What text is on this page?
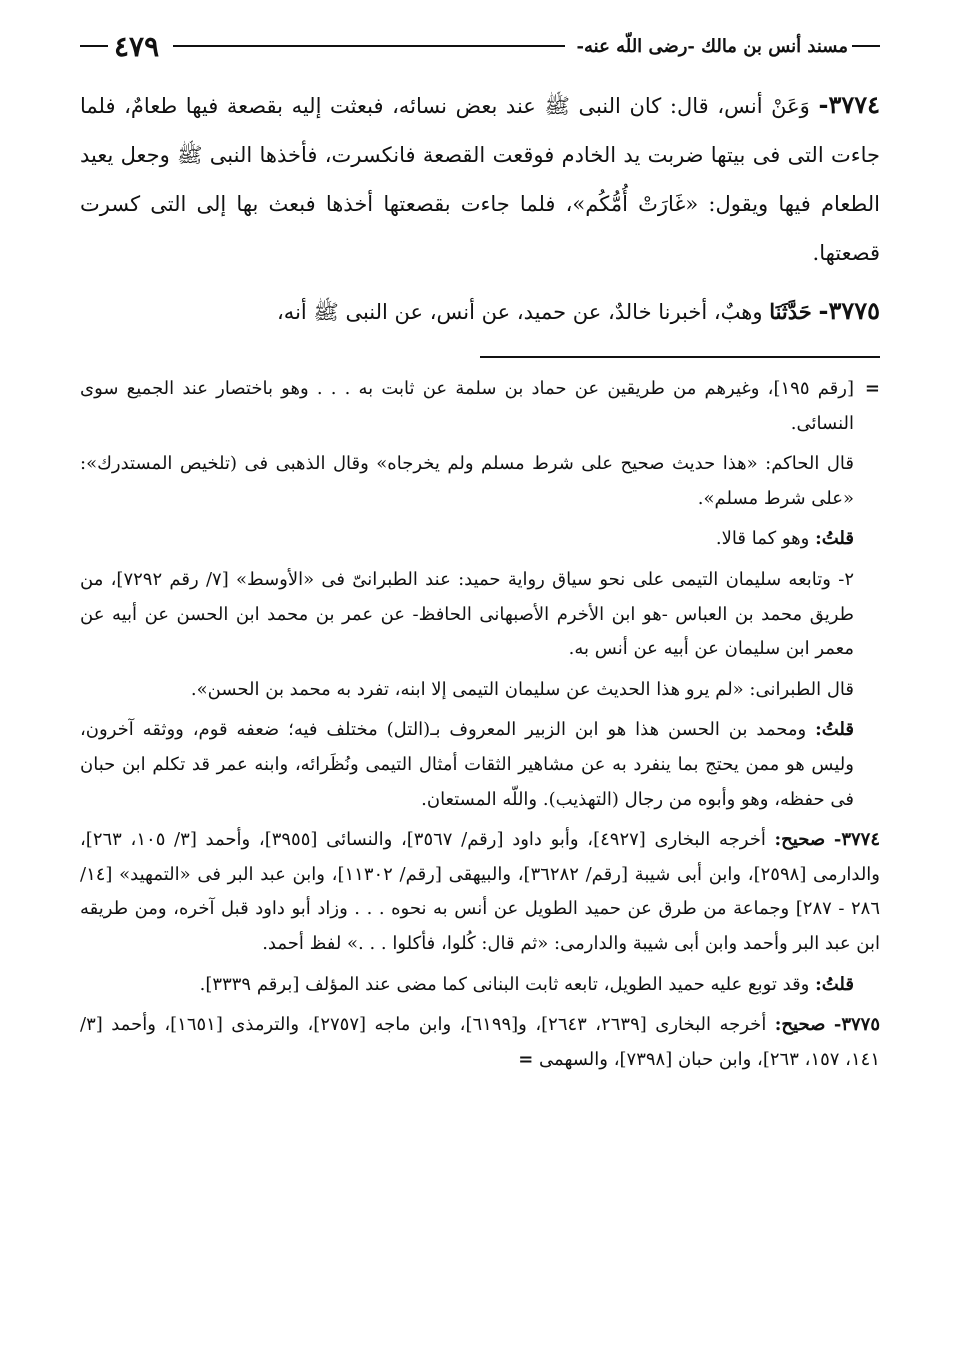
مسند أنس بن مالك -رضى اللّه عنه-
٤٧٩

٣٧٧٤- وَعَنْ أنس، قال: كان النبى ﷺ عند بعض نسائه، فبعثت إليه بقصعة فيها طعامٌ، فلما جاءت التى فى بيتها ضربت يد الخادم فوقعت القصعة فانكسرت، فأخذها النبى ﷺ وجعل يعيد الطعام فيها ويقول: «غَارَتْ أُمُّكُم»، فلما جاءت بقصعتها أخذها فبعث بها إلى التى كسرت قصعتها.

٣٧٧٥- حَدَّثَنَا وهبٌ، أخبرنا خالدٌ، عن حميد، عن أنس، عن النبى ﷺ أنه،

=

[رقم ١٩٥]، وغيرهم من طريقين عن حماد بن سلمة عن ثابت به . . . وهو باختصار عند الجميع سوى النسائى.

قال الحاكم: «هذا حديث صحيح على شرط مسلم ولم يخرجاه» وقال الذهبى فى (تلخيص المستدرك»: «على شرط مسلم».

قلتُ: وهو كما قالا.

٢- وتابعه سليمان التيمى على نحو سياق رواية حميد: عند الطبرانىّ فى «الأوسط» [٧/ رقم ٧٢٩٢]، من طريق محمد بن العباس -هو ابن الأخرم الأصبهانى الحافظ- عن عمر بن محمد ابن الحسن عن أبيه عن معمر ابن سليمان عن أبيه عن أنس به.

قال الطبرانى: «لم يرو هذا الحديث عن سليمان التيمى إلا ابنه، تفرد به محمد بن الحسن».

قلتُ: ومحمد بن الحسن هذا هو ابن الزبير المعروف بـ(التل) مختلف فيه؛ ضعفه قوم، ووثقه آخرون، وليس هو ممن يحتج بما ينفرد به عن مشاهير الثقات أمثال التيمى ونُظَرائه، وابنه عمر قد تكلم ابن حبان فى حفظه، وهو وأبوه من رجال (التهذيب). واللّه المستعان.

٣٧٧٤- صحيح: أخرجه البخارى [٤٩٢٧]، وأبو داود [رقم/ ٣٥٦٧]، والنسائى [٣٩٥٥]، وأحمد [٣/ ١٠٥، ٢٦٣]، والدارمى [٢٥٩٨]، وابن أبى شيبة [رقم/ ٣٦٢٨٢]، والبيهقى [رقم/ ١١٣٠٢]، وابن عبد البر فى «التمهيد» [١٤/ ٢٨٦ - ٢٨٧] وجماعة من طرق عن حميد الطويل عن أنس به نحوه . . . وزاد أبو داود قبل آخره، ومن طريقه ابن عبد البر وأحمد وابن أبى شيبة والدارمى: «ثم قال: كُلوا، فأكلوا . . .» لفظ أحمد.

قلتُ: وقد توبع عليه حميد الطويل، تابعه ثابت البنانى كما مضى عند المؤلف [برقم ٣٣٣٩].

٣٧٧٥- صحيح: أخرجه البخارى [٢٦٣٩، ٢٦٤٣]، و[٦١٩٩]، وابن ماجه [٢٧٥٧]، والترمذى [١٦٥١]، وأحمد [٣/ ١٤١، ١٥٧، ٢٦٣]، وابن حبان [٧٣٩٨]، والسهمى =
